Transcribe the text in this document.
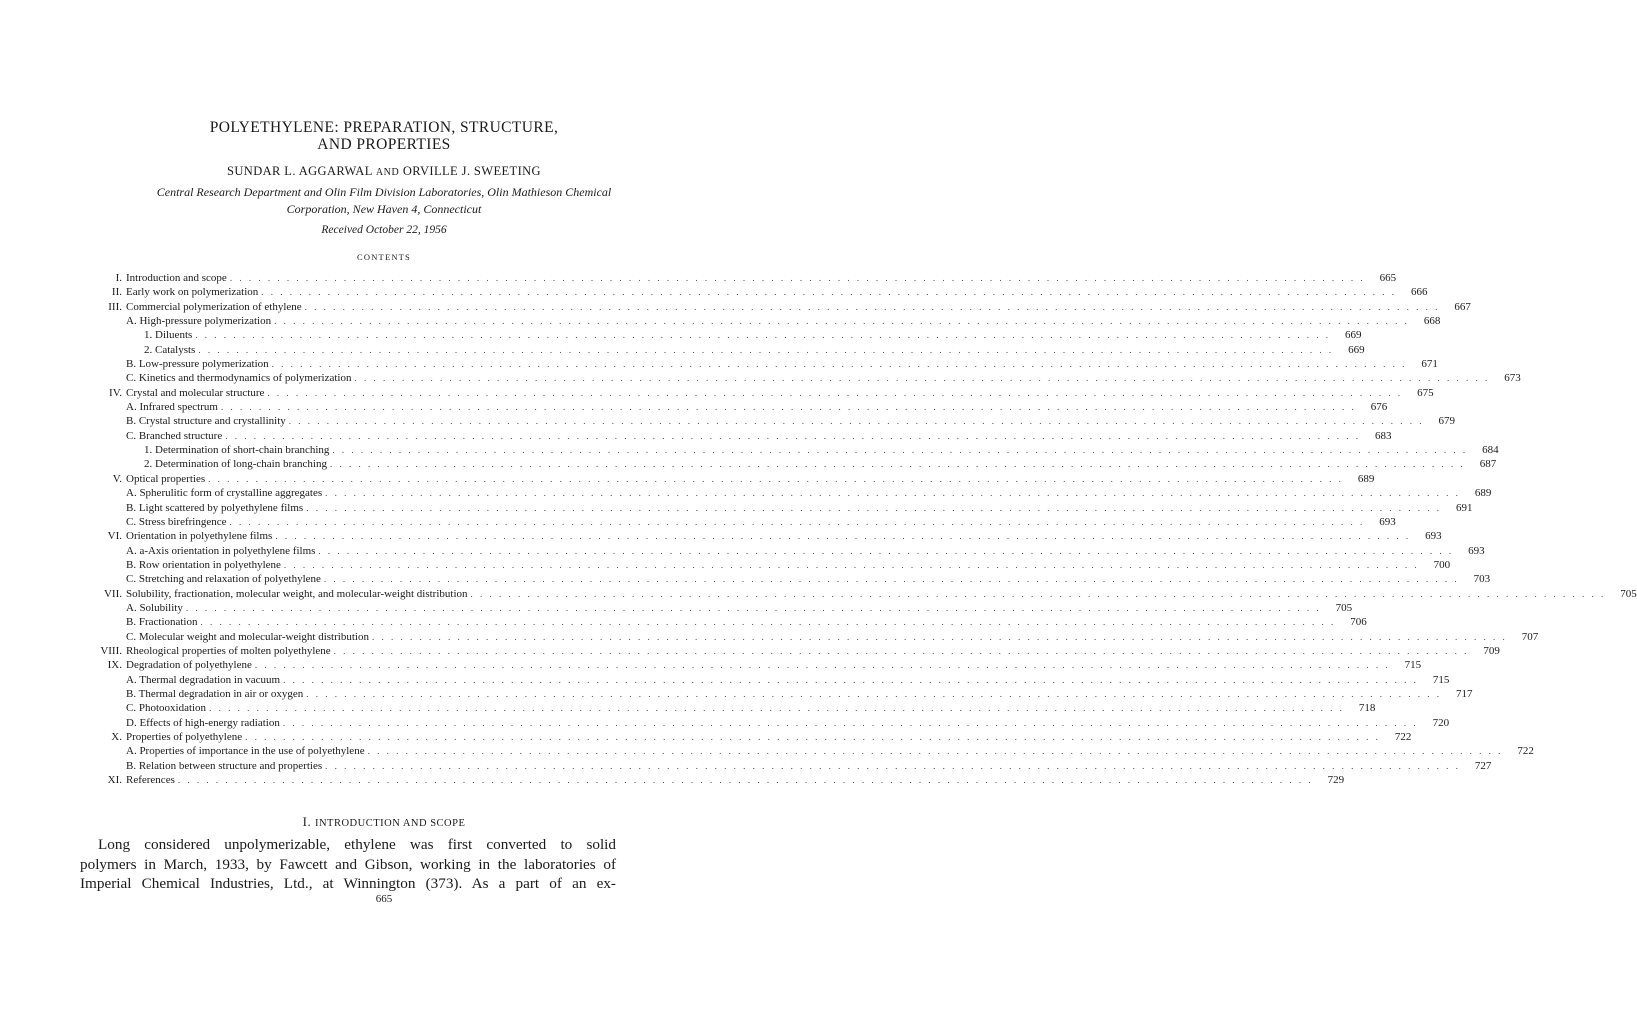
POLYETHYLENE: PREPARATION, STRUCTURE,
AND PROPERTIES
SUNDAR L. AGGARWAL AND ORVILLE J. SWEETING
Central Research Department and Olin Film Division Laboratories, Olin Mathieson Chemical
Corporation, New Haven 4, Connecticut
Received October 22, 1956
CONTENTS
I. Introduction and scope . . . . . . . . . . . . . . . . . . . . . . . . . . . . . . . . . . . . . . . . . . . . . . . . . . . . . . . . . . . . . . . . . . . . . . . . . . . . . . . . . . . . . . . . . . . . . . . . . . . . . . . . . . . . . . . . . . . . . . . .	665
II. Early work on polymerization . . . . . . . . . . . . . . . . . . . . . . . . . . . . . . . . . . . . . . . . . . . . . . . . . . . . . . . . . . . . . . . . . . . . . . . . . . . . . . . . . . . . . . . . . . . . . . . . . . . . . . . . . . . . . . . . . . . . . . . .	666
III. Commercial polymerization of ethylene . . . . . . . . . . . . . . . . . . . . . . . . . . . . . . . . . . . . . . . . . . . . . . . . . . . . . . . . . . . . . . . . . . . . . . . . . . . . . . . . . . . . . . . . . . . . . . . . . . . . . . . . . . . . . . . . . . . . . . . .	667
A. High-pressure polymerization . . . . . . . . . . . . . . . . . . . . . . . . . . . . . . . . . . . . . . . . . . . . . . . . . . . . . . . . . . . . . . . . . . . . . . . . . . . . . . . . . . . . . . . . . . . . . . . . . . . . . . . . . . . . . . . . . . . . . . . .	668
1. Diluents . . . . . . . . . . . . . . . . . . . . . . . . . . . . . . . . . . . . . . . . . . . . . . . . . . . . . . . . . . . . . . . . . . . . . . . . . . . . . . . . . . . . . . . . . . . . . . . . . . . . . . . . . . . . . . . . . . . . . . . .	669
2. Catalysts . . . . . . . . . . . . . . . . . . . . . . . . . . . . . . . . . . . . . . . . . . . . . . . . . . . . . . . . . . . . . . . . . . . . . . . . . . . . . . . . . . . . . . . . . . . . . . . . . . . . . . . . . . . . . . . . . . . . . . . .	669
B. Low-pressure polymerization . . . . . . . . . . . . . . . . . . . . . . . . . . . . . . . . . . . . . . . . . . . . . . . . . . . . . . . . . . . . . . . . . . . . . . . . . . . . . . . . . . . . . . . . . . . . . . . . . . . . . . . . . . . . . . . . . . . . . . . .	671
C. Kinetics and thermodynamics of polymerization . . . . . . . . . . . . . . . . . . . . . . . . . . . . . . . . . . . . . . . . . . . . . . . . . . . . . . . . . . . . . . . . . . . . . . . . . . . . . . . . . . . . . . . . . . . . . . . . . . . . . . . . . . . . . . . . . . . . . . . .	673
IV. Crystal and molecular structure . . . . . . . . . . . . . . . . . . . . . . . . . . . . . . . . . . . . . . . . . . . . . . . . . . . . . . . . . . . . . . . . . . . . . . . . . . . . . . . . . . . . . . . . . . . . . . . . . . . . . . . . . . . . . . . . . . . . . . . .	675
A. Infrared spectrum . . . . . . . . . . . . . . . . . . . . . . . . . . . . . . . . . . . . . . . . . . . . . . . . . . . . . . . . . . . . . . . . . . . . . . . . . . . . . . . . . . . . . . . . . . . . . . . . . . . . . . . . . . . . . . . . . . . . . . . .	676
B. Crystal structure and crystallinity . . . . . . . . . . . . . . . . . . . . . . . . . . . . . . . . . . . . . . . . . . . . . . . . . . . . . . . . . . . . . . . . . . . . . . . . . . . . . . . . . . . . . . . . . . . . . . . . . . . . . . . . . . . . . . . . . . . . . . . .	679
C. Branched structure . . . . . . . . . . . . . . . . . . . . . . . . . . . . . . . . . . . . . . . . . . . . . . . . . . . . . . . . . . . . . . . . . . . . . . . . . . . . . . . . . . . . . . . . . . . . . . . . . . . . . . . . . . . . . . . . . . . . . . . .	683
1. Determination of short-chain branching . . . . . . . . . . . . . . . . . . . . . . . . . . . . . . . . . . . . . . . . . . . . . . . . . . . . . . . . . . . . . . . . . . . . . . . . . . . . . . . . . . . . . . . . . . . . . . . . . . . . . . . . . . . . . . . . . . . . . . . .	684
2. Determination of long-chain branching . . . . . . . . . . . . . . . . . . . . . . . . . . . . . . . . . . . . . . . . . . . . . . . . . . . . . . . . . . . . . . . . . . . . . . . . . . . . . . . . . . . . . . . . . . . . . . . . . . . . . . . . . . . . . . . . . . . . . . . .	687
V. Optical properties . . . . . . . . . . . . . . . . . . . . . . . . . . . . . . . . . . . . . . . . . . . . . . . . . . . . . . . . . . . . . . . . . . . . . . . . . . . . . . . . . . . . . . . . . . . . . . . . . . . . . . . . . . . . . . . . . . . . . . . .	689
A. Spherulitic form of crystalline aggregates . . . . . . . . . . . . . . . . . . . . . . . . . . . . . . . . . . . . . . . . . . . . . . . . . . . . . . . . . . . . . . . . . . . . . . . . . . . . . . . . . . . . . . . . . . . . . . . . . . . . . . . . . . . . . . . . . . . . . . . .	689
B. Light scattered by polyethylene films . . . . . . . . . . . . . . . . . . . . . . . . . . . . . . . . . . . . . . . . . . . . . . . . . . . . . . . . . . . . . . . . . . . . . . . . . . . . . . . . . . . . . . . . . . . . . . . . . . . . . . . . . . . . . . . . . . . . . . . .	691
C. Stress birefringence . . . . . . . . . . . . . . . . . . . . . . . . . . . . . . . . . . . . . . . . . . . . . . . . . . . . . . . . . . . . . . . . . . . . . . . . . . . . . . . . . . . . . . . . . . . . . . . . . . . . . . . . . . . . . . . . . . . . . . . .	693
VI. Orientation in polyethylene films . . . . . . . . . . . . . . . . . . . . . . . . . . . . . . . . . . . . . . . . . . . . . . . . . . . . . . . . . . . . . . . . . . . . . . . . . . . . . . . . . . . . . . . . . . . . . . . . . . . . . . . . . . . . . . . . . . . . . . . .	693
A. a-Axis orientation in polyethylene films . . . . . . . . . . . . . . . . . . . . . . . . . . . . . . . . . . . . . . . . . . . . . . . . . . . . . . . . . . . . . . . . . . . . . . . . . . . . . . . . . . . . . . . . . . . . . . . . . . . . . . . . . . . . . . . . . . . . . . . .	693
B. Row orientation in polyethylene . . . . . . . . . . . . . . . . . . . . . . . . . . . . . . . . . . . . . . . . . . . . . . . . . . . . . . . . . . . . . . . . . . . . . . . . . . . . . . . . . . . . . . . . . . . . . . . . . . . . . . . . . . . . . . . . . . . . . . . .	700
C. Stretching and relaxation of polyethylene . . . . . . . . . . . . . . . . . . . . . . . . . . . . . . . . . . . . . . . . . . . . . . . . . . . . . . . . . . . . . . . . . . . . . . . . . . . . . . . . . . . . . . . . . . . . . . . . . . . . . . . . . . . . . . . . . . . . . . . .	703
VII. Solubility, fractionation, molecular weight, and molecular-weight distribution . . . . . . . . . . . . . . . . . . . . . . . . . . . . . . . . . . . . . . . . . . . . . . . . . . . . . . . . . . . . . . . . . . . . . . . . . . . . . . . . . . . . . . . . . . . . . . . . . . . . . . . . . . . . . . . . . . . . . . . .	705
A. Solubility . . . . . . . . . . . . . . . . . . . . . . . . . . . . . . . . . . . . . . . . . . . . . . . . . . . . . . . . . . . . . . . . . . . . . . . . . . . . . . . . . . . . . . . . . . . . . . . . . . . . . . . . . . . . . . . . . . . . . . . .	705
B. Fractionation . . . . . . . . . . . . . . . . . . . . . . . . . . . . . . . . . . . . . . . . . . . . . . . . . . . . . . . . . . . . . . . . . . . . . . . . . . . . . . . . . . . . . . . . . . . . . . . . . . . . . . . . . . . . . . . . . . . . . . . .	706
C. Molecular weight and molecular-weight distribution . . . . . . . . . . . . . . . . . . . . . . . . . . . . . . . . . . . . . . . . . . . . . . . . . . . . . . . . . . . . . . . . . . . . . . . . . . . . . . . . . . . . . . . . . . . . . . . . . . . . . . . . . . . . . . . . . . . . . . . .	707
VIII. Rheological properties of molten polyethylene . . . . . . . . . . . . . . . . . . . . . . . . . . . . . . . . . . . . . . . . . . . . . . . . . . . . . . . . . . . . . . . . . . . . . . . . . . . . . . . . . . . . . . . . . . . . . . . . . . . . . . . . . . . . . . . . . . . . . . . .	709
IX. Degradation of polyethylene . . . . . . . . . . . . . . . . . . . . . . . . . . . . . . . . . . . . . . . . . . . . . . . . . . . . . . . . . . . . . . . . . . . . . . . . . . . . . . . . . . . . . . . . . . . . . . . . . . . . . . . . . . . . . . . . . . . . . . . .	715
A. Thermal degradation in vacuum . . . . . . . . . . . . . . . . . . . . . . . . . . . . . . . . . . . . . . . . . . . . . . . . . . . . . . . . . . . . . . . . . . . . . . . . . . . . . . . . . . . . . . . . . . . . . . . . . . . . . . . . . . . . . . . . . . . . . . . .	715
B. Thermal degradation in air or oxygen . . . . . . . . . . . . . . . . . . . . . . . . . . . . . . . . . . . . . . . . . . . . . . . . . . . . . . . . . . . . . . . . . . . . . . . . . . . . . . . . . . . . . . . . . . . . . . . . . . . . . . . . . . . . . . . . . . . . . . . .	717
C. Photooxidation . . . . . . . . . . . . . . . . . . . . . . . . . . . . . . . . . . . . . . . . . . . . . . . . . . . . . . . . . . . . . . . . . . . . . . . . . . . . . . . . . . . . . . . . . . . . . . . . . . . . . . . . . . . . . . . . . . . . . . . .	718
D. Effects of high-energy radiation . . . . . . . . . . . . . . . . . . . . . . . . . . . . . . . . . . . . . . . . . . . . . . . . . . . . . . . . . . . . . . . . . . . . . . . . . . . . . . . . . . . . . . . . . . . . . . . . . . . . . . . . . . . . . . . . . . . . . . . .	720
X. Properties of polyethylene . . . . . . . . . . . . . . . . . . . . . . . . . . . . . . . . . . . . . . . . . . . . . . . . . . . . . . . . . . . . . . . . . . . . . . . . . . . . . . . . . . . . . . . . . . . . . . . . . . . . . . . . . . . . . . . . . . . . . . . .	722
A. Properties of importance in the use of polyethylene . . . . . . . . . . . . . . . . . . . . . . . . . . . . . . . . . . . . . . . . . . . . . . . . . . . . . . . . . . . . . . . . . . . . . . . . . . . . . . . . . . . . . . . . . . . . . . . . . . . . . . . . . . . . . . . . . . . . . . . .	722
B. Relation between structure and properties . . . . . . . . . . . . . . . . . . . . . . . . . . . . . . . . . . . . . . . . . . . . . . . . . . . . . . . . . . . . . . . . . . . . . . . . . . . . . . . . . . . . . . . . . . . . . . . . . . . . . . . . . . . . . . . . . . . . . . . .	727
XI. References . . . . . . . . . . . . . . . . . . . . . . . . . . . . . . . . . . . . . . . . . . . . . . . . . . . . . . . . . . . . . . . . . . . . . . . . . . . . . . . . . . . . . . . . . . . . . . . . . . . . . . . . . . . . . . . . . . . . . . . .	729
I. INTRODUCTION AND SCOPE
Long considered unpolymerizable, ethylene was first converted to solid
polymers in March, 1933, by Fawcett and Gibson, working in the laboratories of
Imperial Chemical Industries, Ltd., at Winnington (373). As a part of an ex-
665
